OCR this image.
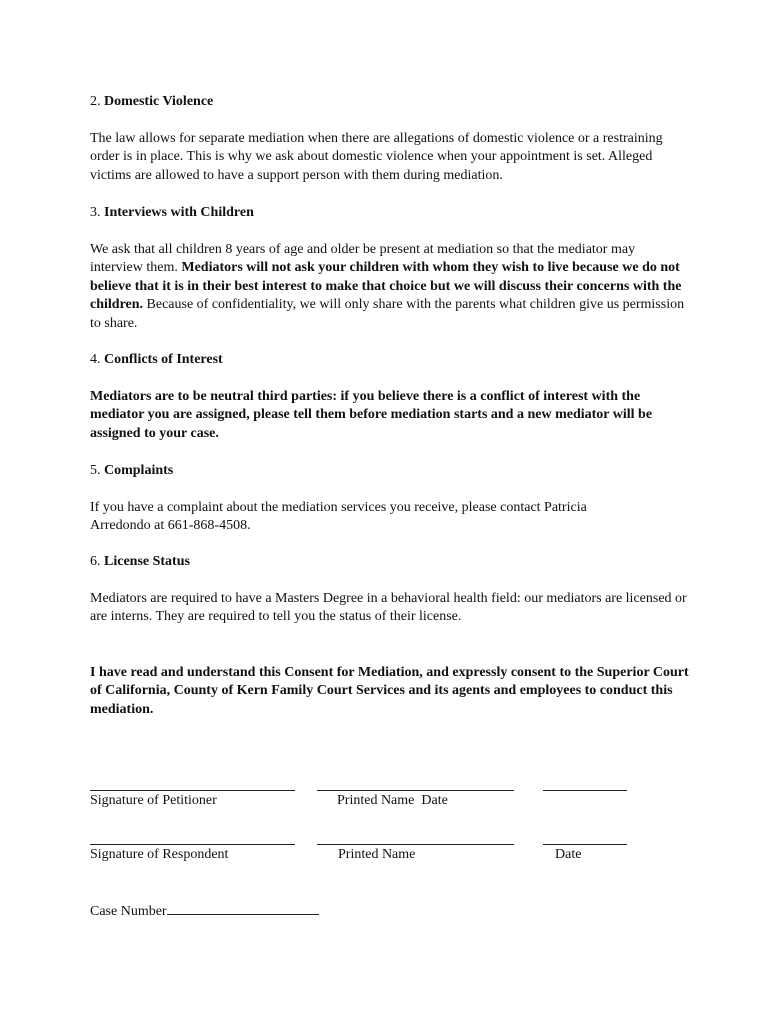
2. Domestic Violence

The law allows for separate mediation when there are allegations of domestic violence or a restraining order is in place. This is why we ask about domestic violence when your appointment is set. Alleged victims are allowed to have a support person with them during mediation.

3. Interviews with Children

We ask that all children 8 years of age and older be present at mediation so that the mediator may interview them. Mediators will not ask your children with whom they wish to live because we do not believe that it is in their best interest to make that choice but we will discuss their concerns with the children. Because of confidentiality, we will only share with the parents what children give us permission to share.

4. Conflicts of Interest

Mediators are to be neutral third parties: if you believe there is a conflict of interest with the mediator you are assigned, please tell them before mediation starts and a new mediator will be assigned to your case.

5. Complaints

If you have a complaint about the mediation services you receive, please contact Patricia Arredondo at 661-868-4508.

6. License Status

Mediators are required to have a Masters Degree in a behavioral health field: our mediators are licensed or are interns. They are required to tell you the status of their license.

I have read and understand this Consent for Mediation, and expressly consent to the Superior Court of California, County of Kern Family Court Services and its agents and employees to conduct this mediation.

Signature of Petitioner	Printed Name  Date
Signature of Respondent	Printed Name	Date
Case Number
